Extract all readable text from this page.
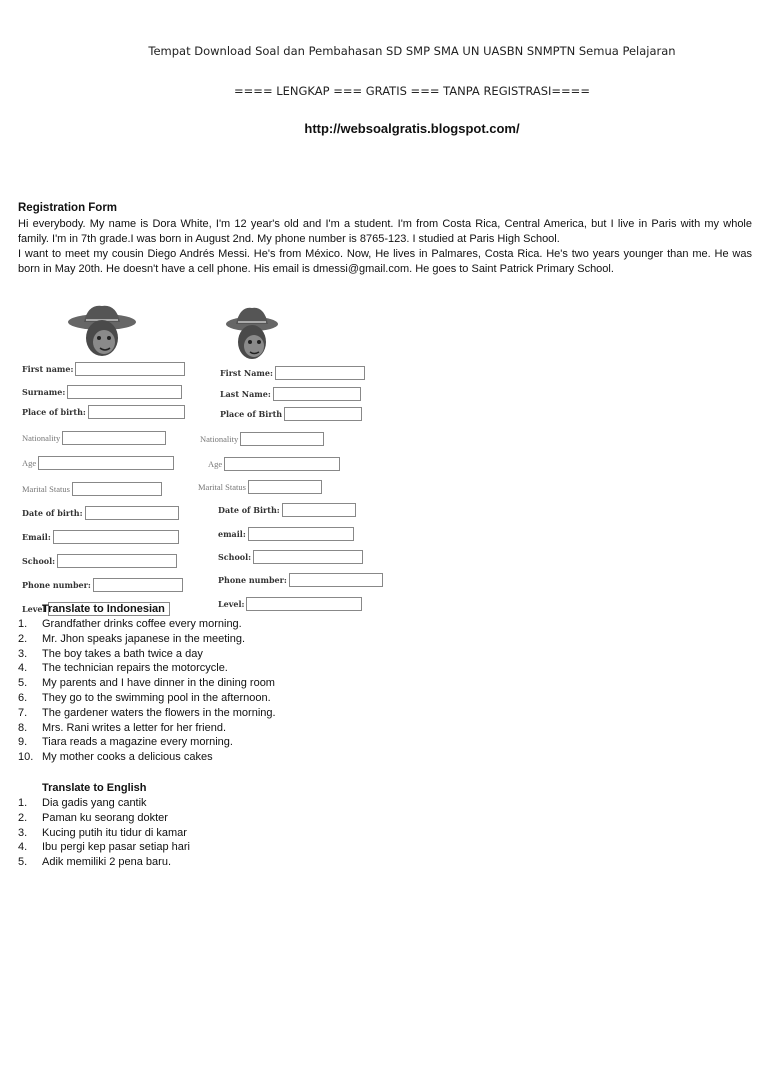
Tempat Download Soal dan Pembahasan SD SMP SMA UN UASBN SNMPTN Semua Pelajaran
==== LENGKAP === GRATIS === TANPA REGISTRASI====
http://websoalgratis.blogspot.com/
Registration Form
Hi everybody. My name is Dora White, I'm 12 year's old and I'm a student. I'm from Costa Rica, Central America, but I live in Paris with my whole family. I'm in 7th grade.I was born in August 2nd. My phone number is 8765-123. I studied at Paris High School.
I want to meet my cousin Diego Andrés Messi. He's from México. Now, He lives in Palmares, Costa Rica. He's two years younger than me. He was born in May 20th. He doesn't have a cell phone. His email is dmessi@gmail.com. He goes to Saint Patrick Primary School.
First name:
Surname:
Place of birth:
Nationality
Age
Marital Status
Date of birth:
Email:
School:
Phone number:
Level
First Name:
Last Name:
Place of Birth
Nationality
Age
Marital Status
Date of Birth:
email:
School:
Phone number:
Level:
Translate to Indonesian
1.	Grandfather drinks coffee every morning.
2.	Mr. Jhon speaks japanese in the meeting.
3.	The boy takes a bath twice a day
4.	The technician repairs the motorcycle.
5.	My parents and I have dinner in the dining room
6.	They go to the swimming pool in the afternoon.
7.	The gardener waters the flowers in the morning.
8.	Mrs. Rani writes a letter for her friend.
9.	Tiara reads a magazine every morning.
10. My mother cooks a delicious cakes
Translate to English
1.	Dia gadis yang cantik
2.	Paman ku seorang dokter
3.	Kucing putih itu tidur di kamar
4.	Ibu pergi kep pasar setiap hari
5.	Adik memiliki 2 pena baru.
